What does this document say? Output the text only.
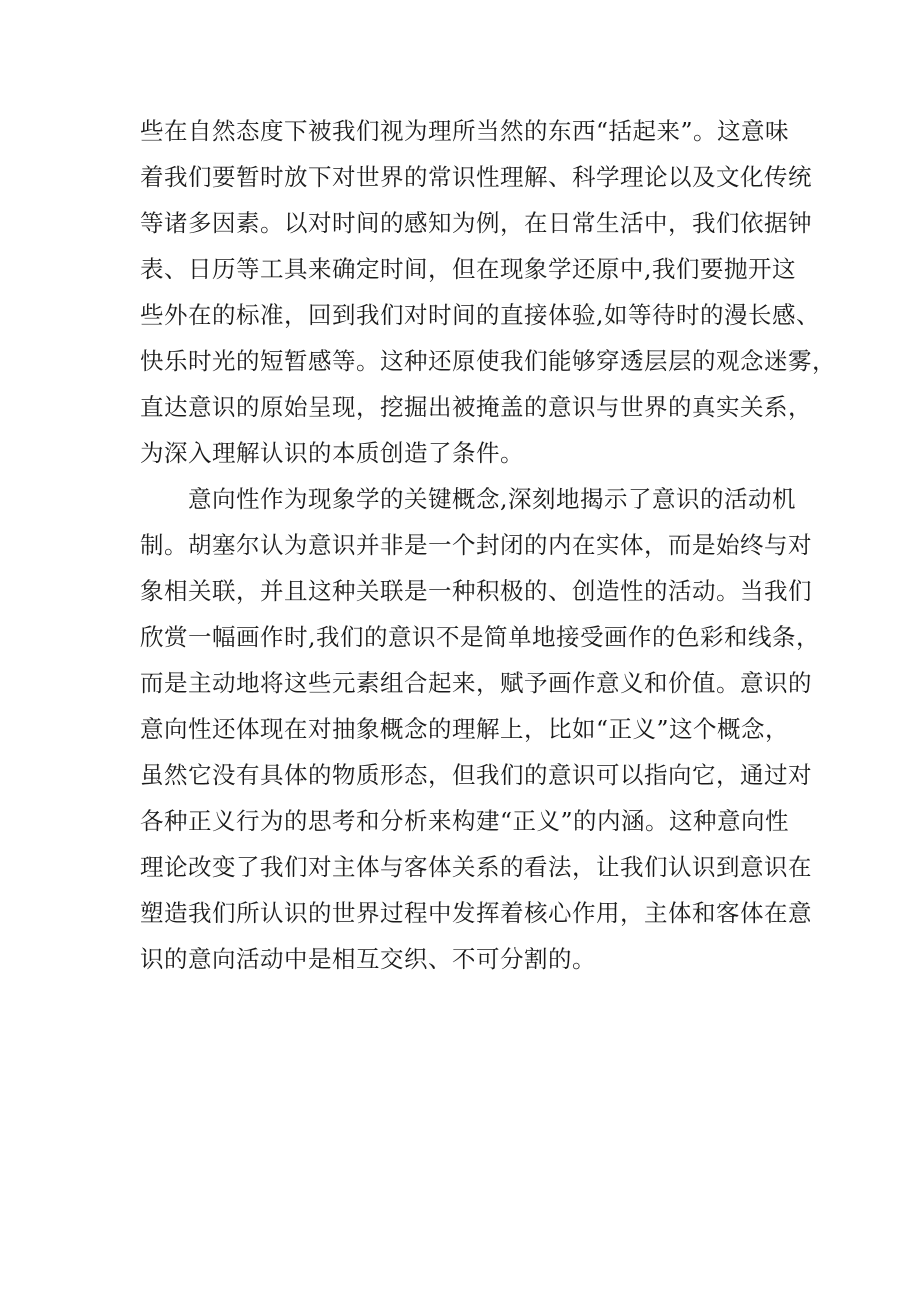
些在自然态度下被我们视为理所当然的东西“括起来”。这意味
着我们要暂时放下对世界的常识性理解、科学理论以及文化传统
等诸多因素。以对时间的感知为例，在日常生活中，我们依据钟
表、日历等工具来确定时间，但在现象学还原中,我们要抛开这
些外在的标准，回到我们对时间的直接体验,如等待时的漫长感、
快乐时光的短暂感等。这种还原使我们能够穿透层层的观念迷雾，
直达意识的原始呈现，挖掘出被掩盖的意识与世界的真实关系，
为深入理解认识的本质创造了条件。
意向性作为现象学的关键概念,深刻地揭示了意识的活动机
制。胡塞尔认为意识并非是一个封闭的内在实体，而是始终与对
象相关联，并且这种关联是一种积极的、创造性的活动。当我们
欣赏一幅画作时,我们的意识不是简单地接受画作的色彩和线条，
而是主动地将这些元素组合起来，赋予画作意义和价值。意识的
意向性还体现在对抽象概念的理解上，比如“正义”这个概念，
虽然它没有具体的物质形态，但我们的意识可以指向它，通过对
各种正义行为的思考和分析来构建“正义”的内涵。这种意向性
理论改变了我们对主体与客体关系的看法，让我们认识到意识在
塑造我们所认识的世界过程中发挥着核心作用，主体和客体在意
识的意向活动中是相互交织、不可分割的。
